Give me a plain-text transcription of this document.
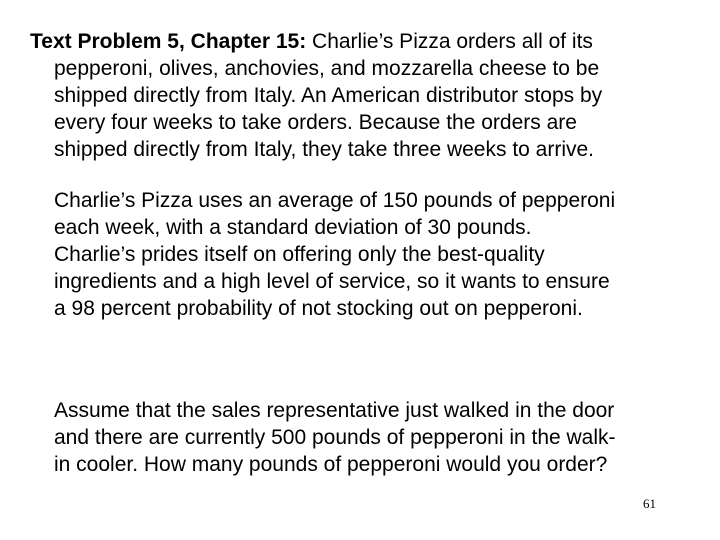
Text Problem 5, Chapter 15: Charlie’s Pizza orders all of its
pepperoni, olives, anchovies, and mozzarella cheese to be
shipped directly from Italy. An American distributor stops by
every four weeks to take orders. Because the orders are
shipped directly from Italy, they take three weeks to arrive.
Charlie’s Pizza uses an average of 150 pounds of pepperoni
each week, with a standard deviation of 30 pounds.
Charlie’s prides itself on offering only the best-quality
ingredients and a high level of service, so it wants to ensure
a 98 percent probability of not stocking out on pepperoni.
Assume that the sales representative just walked in the door
and there are currently 500 pounds of pepperoni in the walk-
in cooler. How many pounds of pepperoni would you order?
61
